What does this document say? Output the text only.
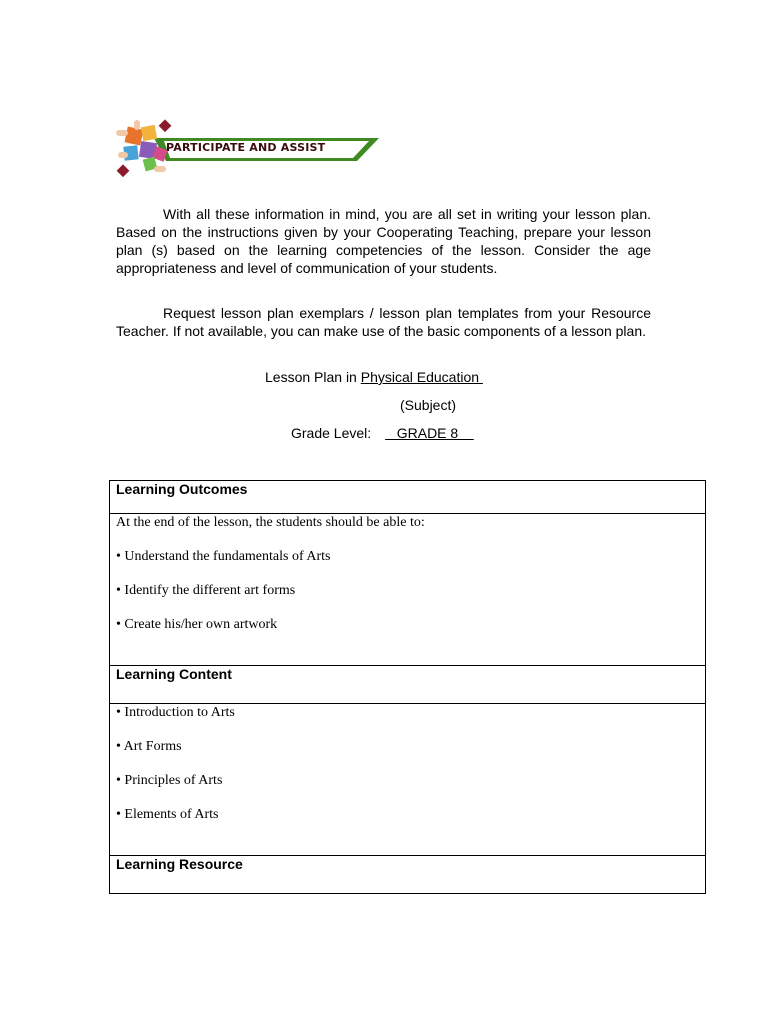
PARTICIPATE AND ASSIST

With all these information in mind, you are all set in writing your lesson plan. Based on the instructions given by your Cooperating Teaching, prepare your lesson plan (s) based on the learning competencies of the lesson. Consider the age appropriateness and level of communication of your students.

Request lesson plan exemplars / lesson plan templates from your Resource Teacher. If not available, you can make use of the basic components of a lesson plan.

Lesson Plan in Physical Education
(Subject)
Grade Level:    GRADE 8
Learning Outcomes

At the end of the lesson, the students should be able to:

• Understand the fundamentals of Arts

• Identify the different art forms

• Create his/her own artwork

Learning Content

• Introduction to Arts

• Art Forms

• Principles of Arts

• Elements of Arts

Learning Resource
